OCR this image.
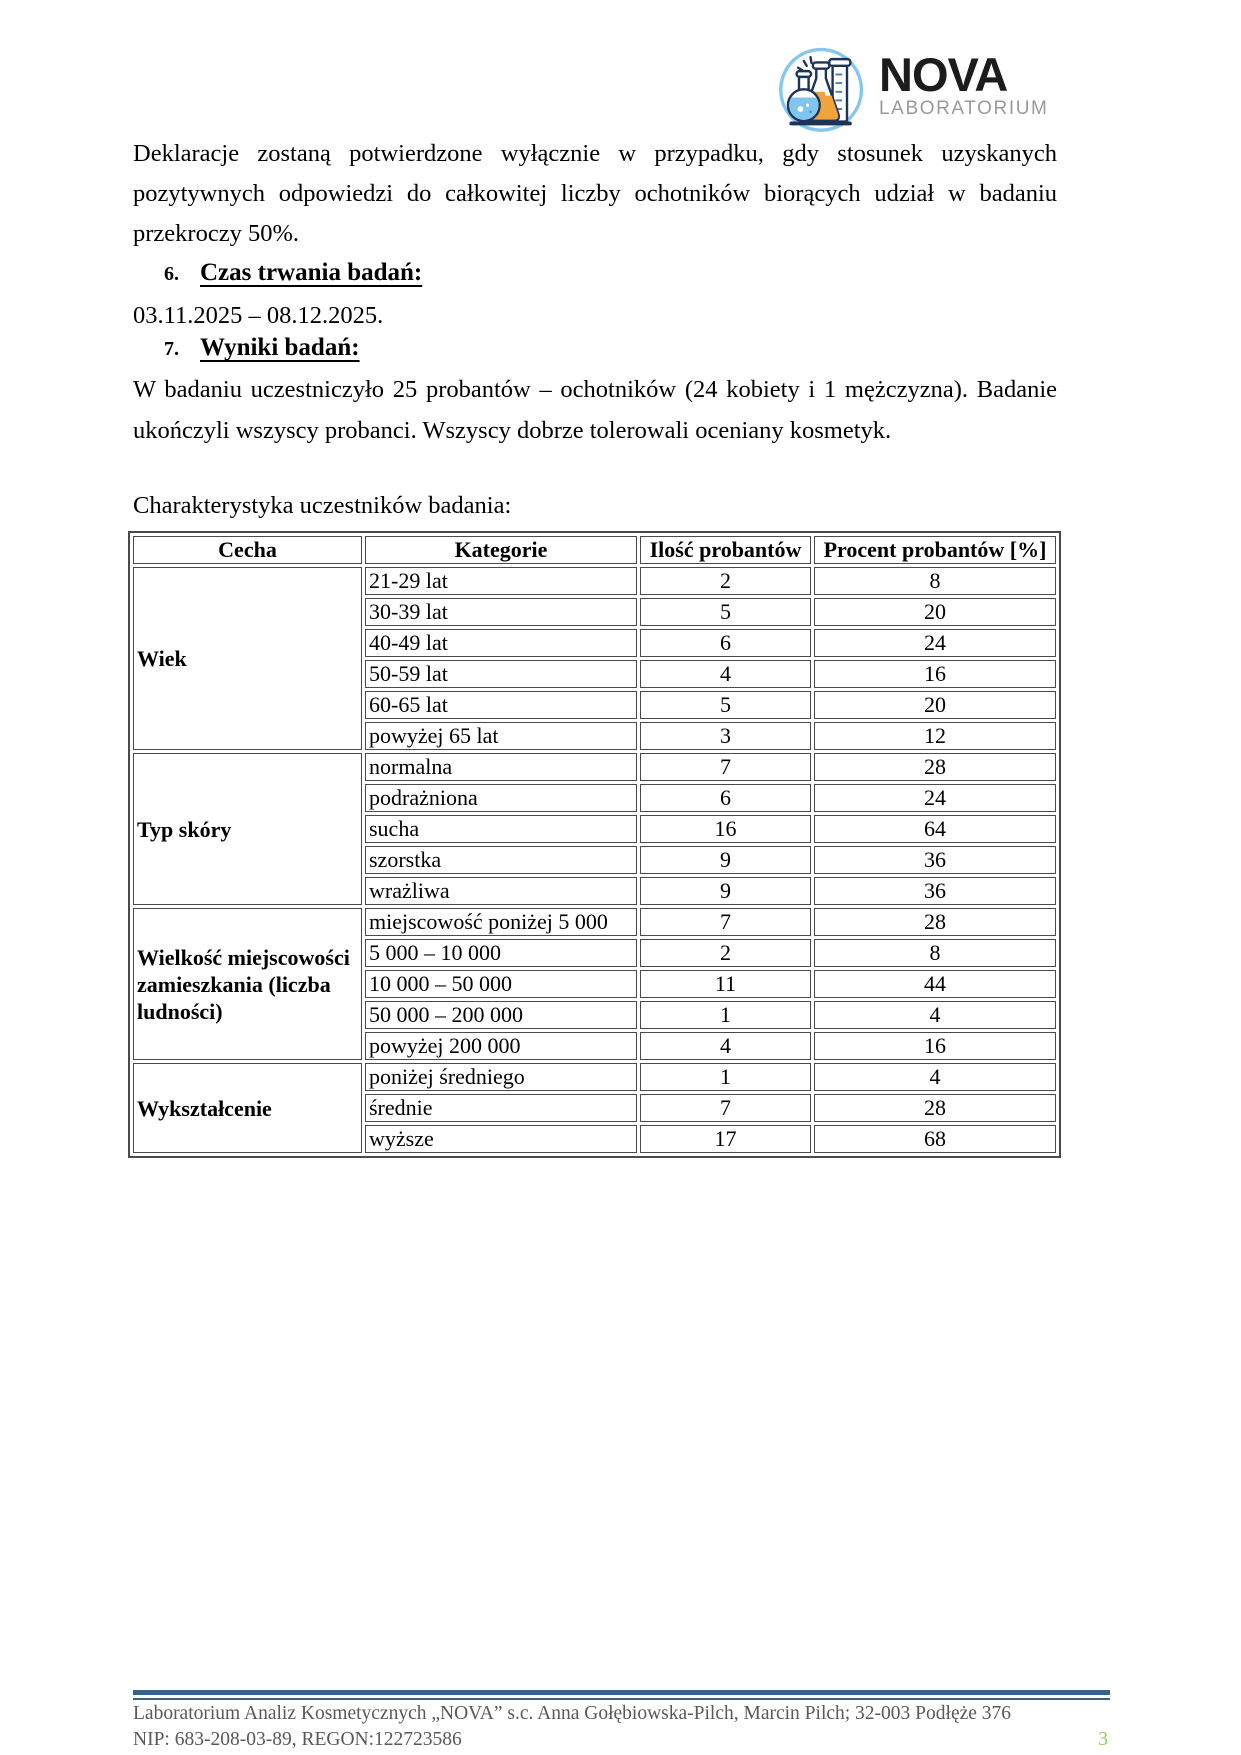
NOVA
LABORATORIUM
Deklaracje zostaną potwierdzone wyłącznie w przypadku, gdy stosunek uzyskanych pozytywnych odpowiedzi do całkowitej liczby ochotników biorących udział w badaniu przekroczy 50%.
6. Czas trwania badań:
03.11.2025 – 08.12.2025.
7. Wyniki badań:
W badaniu uczestniczyło 25 probantów – ochotników (24 kobiety i 1 mężczyzna). Badanie ukończyli wszyscy probanci. Wszyscy dobrze tolerowali oceniany kosmetyk.
Charakterystyka uczestników badania:
Cecha	Kategorie	Ilość probantów	Procent probantów [%]
Wiek	21-29 lat	2	8
	30-39 lat	5	20
	40-49 lat	6	24
	50-59 lat	4	16
	60-65 lat	5	20
	powyżej 65 lat	3	12
Typ skóry	normalna	7	28
	podrażniona	6	24
	sucha	16	64
	szorstka	9	36
	wrażliwa	9	36
Wielkość miejscowości zamieszkania (liczba ludności)	miejscowość poniżej 5 000	7	28
	5 000 – 10 000	2	8
	10 000 – 50 000	11	44
	50 000 – 200 000	1	4
	powyżej 200 000	4	16
Wykształcenie	poniżej średniego	1	4
	średnie	7	28
	wyższe	17	68
Laboratorium Analiz Kosmetycznych „NOVA” s.c. Anna Gołębiowska-Pilch, Marcin Pilch; 32-003 Podłęże 376
NIP: 683-208-03-89, REGON:122723586	3
